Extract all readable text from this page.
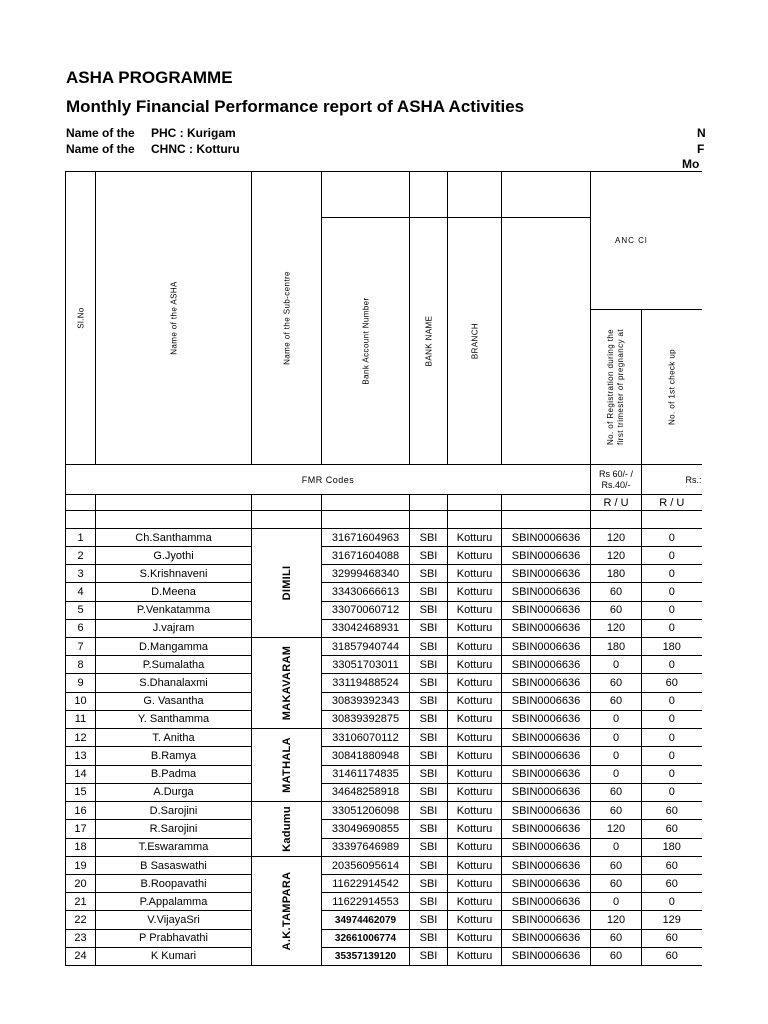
ASHA PROGRAMME
Monthly Financial Performance report of ASHA Activities
Name of the PHC : Kurigam
Name of the CHNC : Kotturu
N
F
Mo
Sl.No	Name of the ASHA	Name of the Sub-centre					ANC Cl	

			Bank Account Number	BANK NAME	BRANCH			

							No. of Registration during the first trimester of pregnancy at	No. of 1st check up

FMR Codes							Rs 60/- / Rs.40/-	Rs.:
							R / U	R / U

1	Ch.Santhamma	DIMILI	31671604963	SBI	Kotturu	SBIN0006636	120	0
2	G.Jyothi		31671604088	SBI	Kotturu	SBIN0006636	120	0
3	S.Krishnaveni		32999468340	SBI	Kotturu	SBIN0006636	180	0
4	D.Meena		33430666613	SBI	Kotturu	SBIN0006636	60	0
5	P.Venkatamma		33070060712	SBI	Kotturu	SBIN0006636	60	0
6	J.vajram		33042468931	SBI	Kotturu	SBIN0006636	120	0
7	D.Mangamma	MAKAVARAM	31857940744	SBI	Kotturu	SBIN0006636	180	180
8	P.Sumalatha		33051703011	SBI	Kotturu	SBIN0006636	0	0
9	S.Dhanalaxmi		33119488524	SBI	Kotturu	SBIN0006636	60	60
10	G. Vasantha		30839392343	SBI	Kotturu	SBIN0006636	60	0
11	Y. Santhamma		30839392875	SBI	Kotturu	SBIN0006636	0	0
12	T. Anitha	MATHALA	33106070112	SBI	Kotturu	SBIN0006636	0	0
13	B.Ramya		30841880948	SBI	Kotturu	SBIN0006636	0	0
14	B.Padma		31461174835	SBI	Kotturu	SBIN0006636	0	0
15	A.Durga		34648258918	SBI	Kotturu	SBIN0006636	60	0
16	D.Sarojini	Kadumu	33051206098	SBI	Kotturu	SBIN0006636	60	60
17	R.Sarojini		33049690855	SBI	Kotturu	SBIN0006636	120	60
18	T.Eswaramma		33397646989	SBI	Kotturu	SBIN0006636	0	180
19	B Sasaswathi	A.K.TAMPARA	20356095614	SBI	Kotturu	SBIN0006636	60	60
20	B.Roopavathi		11622914542	SBI	Kotturu	SBIN0006636	60	60
21	P.Appalamma		11622914553	SBI	Kotturu	SBIN0006636	0	0
22	V.VijayaSri		34974462079	SBI	Kotturu	SBIN0006636	120	129
23	P Prabhavathi		32661006774	SBI	Kotturu	SBIN0006636	60	60
24	K Kumari		35357139120	SBI	Kotturu	SBIN0006636	60	60
